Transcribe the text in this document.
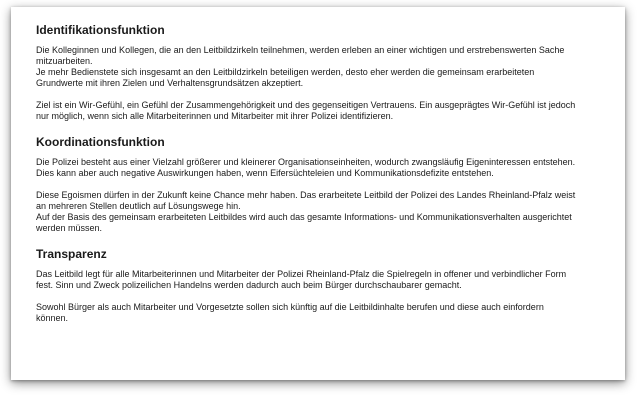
Identifikationsfunktion
Die Kolleginnen und Kollegen, die an den Leitbildzirkeln teilnehmen, werden erleben an einer wichtigen und erstrebenswerten Sache
mitzuarbeiten.
Je mehr Bedienstete sich insgesamt an den Leitbildzirkeln beteiligen werden, desto eher werden die gemeinsam erarbeiteten
Grundwerte mit ihren Zielen und Verhaltensgrundsätzen akzeptiert.
Ziel ist ein Wir-Gefühl, ein Gefühl der Zusammengehörigkeit und des gegenseitigen Vertrauens. Ein ausgeprägtes Wir-Gefühl ist jedoch
nur möglich, wenn sich alle Mitarbeiterinnen und Mitarbeiter mit ihrer Polizei identifizieren.
Koordinationsfunktion
Die Polizei besteht aus einer Vielzahl größerer und kleinerer Organisationseinheiten, wodurch zwangsläufig Eigeninteressen entstehen.
Dies kann aber auch negative Auswirkungen haben, wenn Eifersüchteleien und Kommunikationsdefizite entstehen.
Diese Egoismen dürfen in der Zukunft keine Chance mehr haben. Das erarbeitete Leitbild der Polizei des Landes Rheinland-Pfalz weist
an mehreren Stellen deutlich auf Lösungswege hin.
Auf der Basis des gemeinsam erarbeiteten Leitbildes wird auch das gesamte Informations- und Kommunikationsverhalten ausgerichtet
werden müssen.
Transparenz
Das Leitbild legt für alle Mitarbeiterinnen und Mitarbeiter der Polizei Rheinland-Pfalz die Spielregeln in offener und verbindlicher Form
fest. Sinn und Zweck polizeilichen Handelns werden dadurch auch beim Bürger durchschaubarer gemacht.
Sowohl Bürger als auch Mitarbeiter und Vorgesetzte sollen sich künftig auf die Leitbildinhalte berufen und diese auch einfordern
können.
